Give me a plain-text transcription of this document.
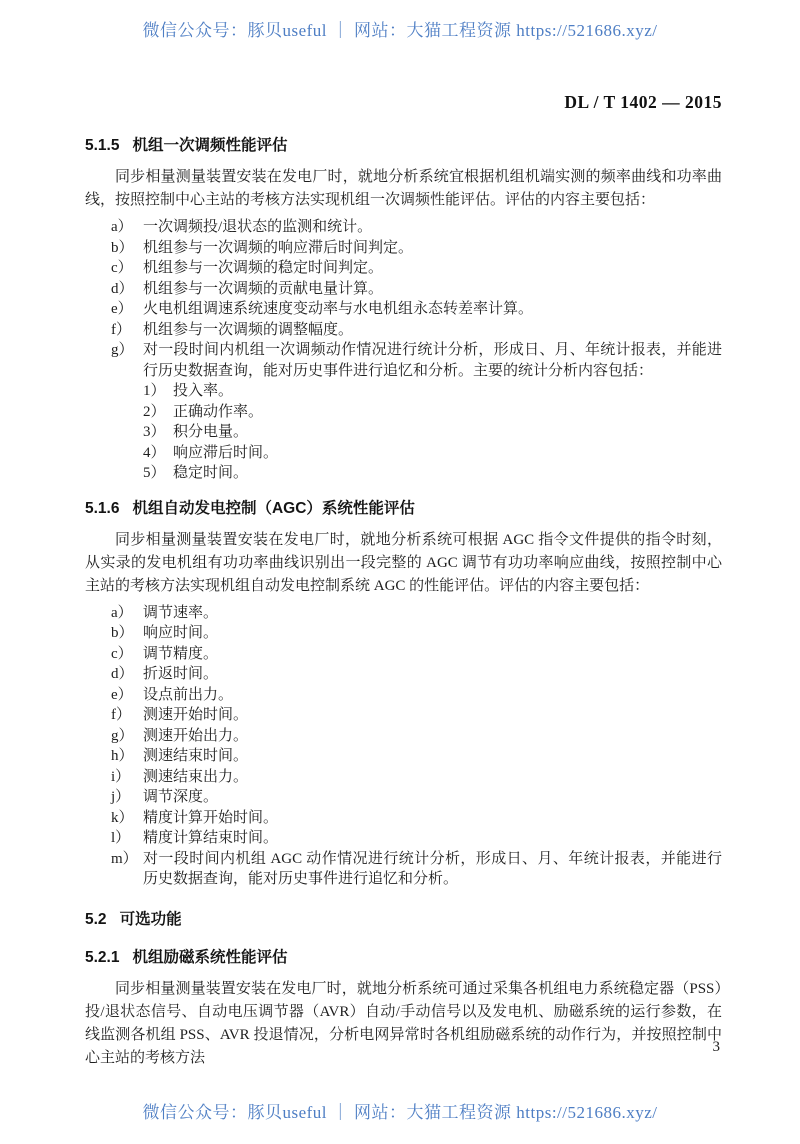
微信公众号：豚贝useful ｜ 网站：大猫工程资源 https://521686.xyz/
DL / T 1402 — 2015
5.1.5 机组一次调频性能评估

同步相量测量装置安装在发电厂时，就地分析系统宜根据机组机端实测的频率曲线和功率曲线，按照控制中心主站的考核方法实现机组一次调频性能评估。评估的内容主要包括：

a） 一次调频投/退状态的监测和统计。
b） 机组参与一次调频的响应滞后时间判定。
c） 机组参与一次调频的稳定时间判定。
d） 机组参与一次调频的贡献电量计算。
e） 火电机组调速系统速度变动率与水电机组永态转差率计算。
f） 机组参与一次调频的调整幅度。
g） 对一段时间内机组一次调频动作情况进行统计分析，形成日、月、年统计报表，并能进行历史数据查询，能对历史事件进行追忆和分析。主要的统计分析内容包括：
1） 投入率。
2） 正确动作率。
3） 积分电量。
4） 响应滞后时间。
5） 稳定时间。
5.1.6 机组自动发电控制（AGC）系统性能评估

同步相量测量装置安装在发电厂时，就地分析系统可根据 AGC 指令文件提供的指令时刻，从实录的发电机组有功功率曲线识别出一段完整的 AGC 调节有功功率响应曲线，按照控制中心主站的考核方法实现机组自动发电控制系统 AGC 的性能评估。评估的内容主要包括：

a） 调节速率。
b） 响应时间。
c） 调节精度。
d） 折返时间。
e） 设点前出力。
f） 测速开始时间。
g） 测速开始出力。
h） 测速结束时间。
i） 测速结束出力。
j） 调节深度。
k） 精度计算开始时间。
l） 精度计算结束时间。
m） 对一段时间内机组 AGC 动作情况进行统计分析，形成日、月、年统计报表，并能进行历史数据查询，能对历史事件进行追忆和分析。
5.2 可选功能
5.2.1 机组励磁系统性能评估

同步相量测量装置安装在发电厂时，就地分析系统可通过采集各机组电力系统稳定器（PSS）投/退状态信号、自动电压调节器（AVR）自动/手动信号以及发电机、励磁系统的运行参数，在线监测各机组 PSS、AVR 投退情况，分析电网异常时各机组励磁系统的动作行为，并按照控制中心主站的考核方法

3
微信公众号：豚贝useful ｜ 网站：大猫工程资源 https://521686.xyz/
